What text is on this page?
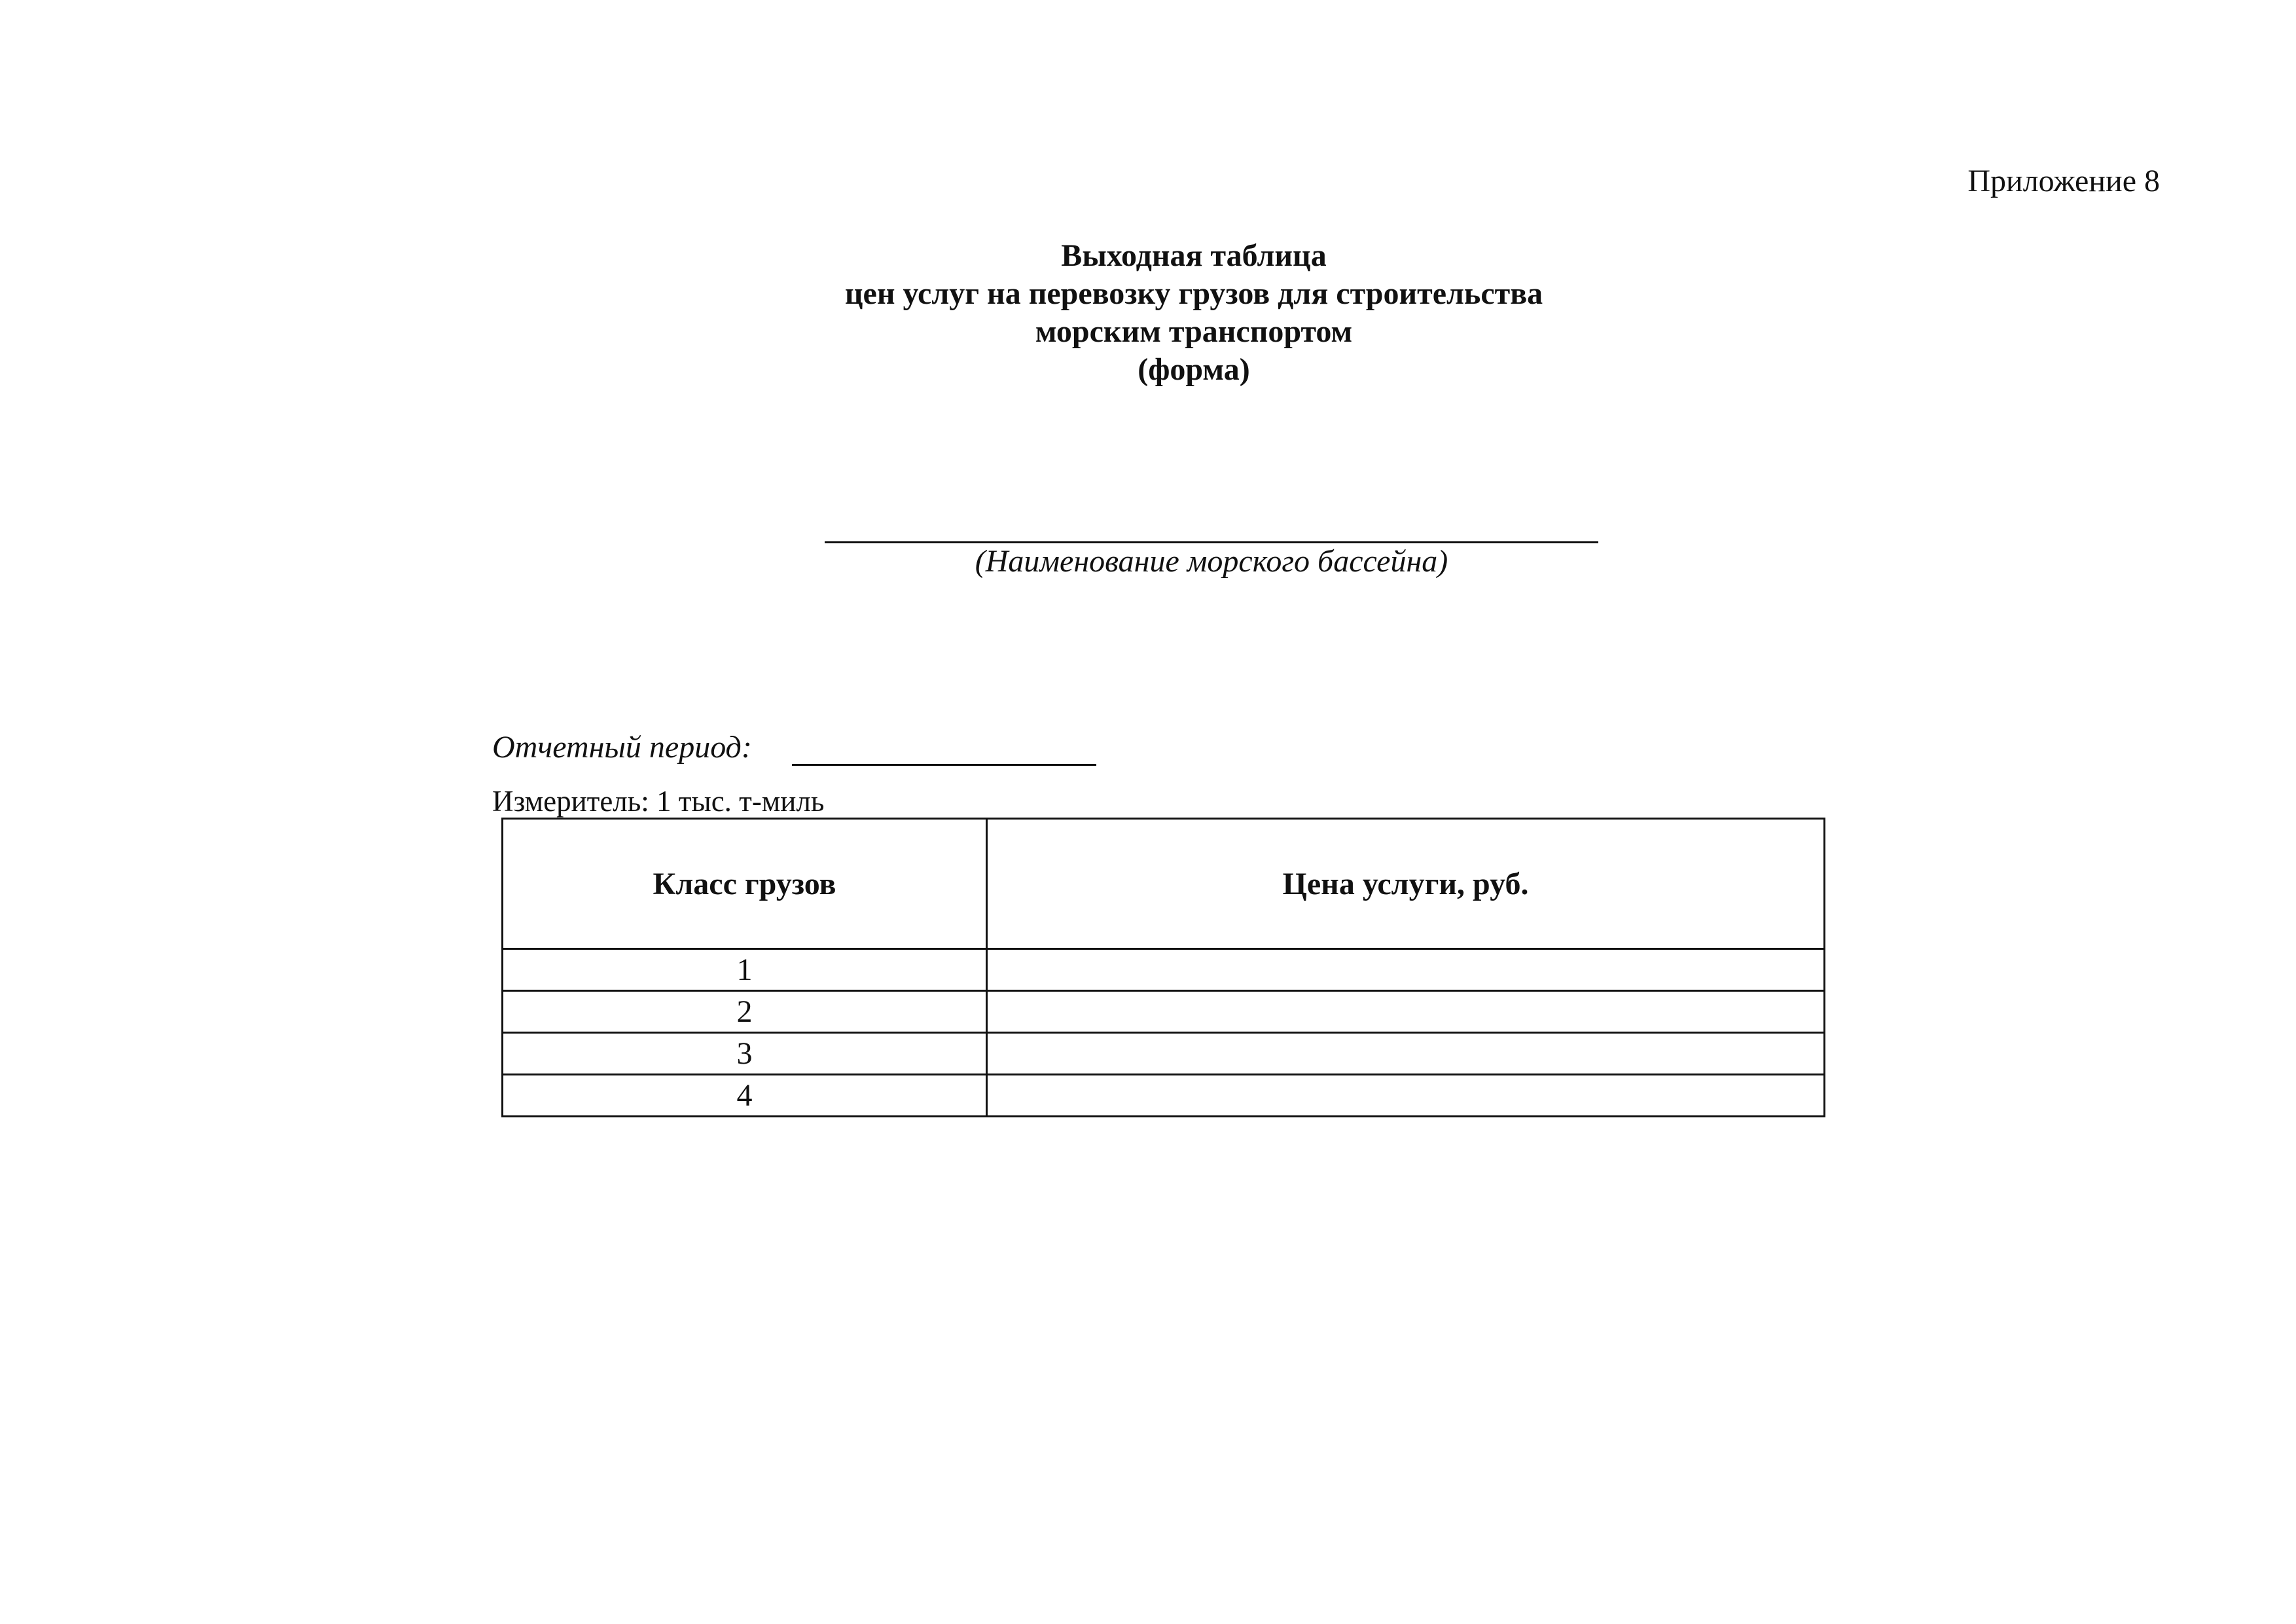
Приложение 8
Выходная таблица
цен услуг на перевозку грузов для строительства
морским транспортом
(форма)
(Наименование морского бассейна)
Отчетный период:
Измеритель: 1 тыс. т-миль
Класс грузов	Цена услуги, руб.
1	
2	
3	
4	
